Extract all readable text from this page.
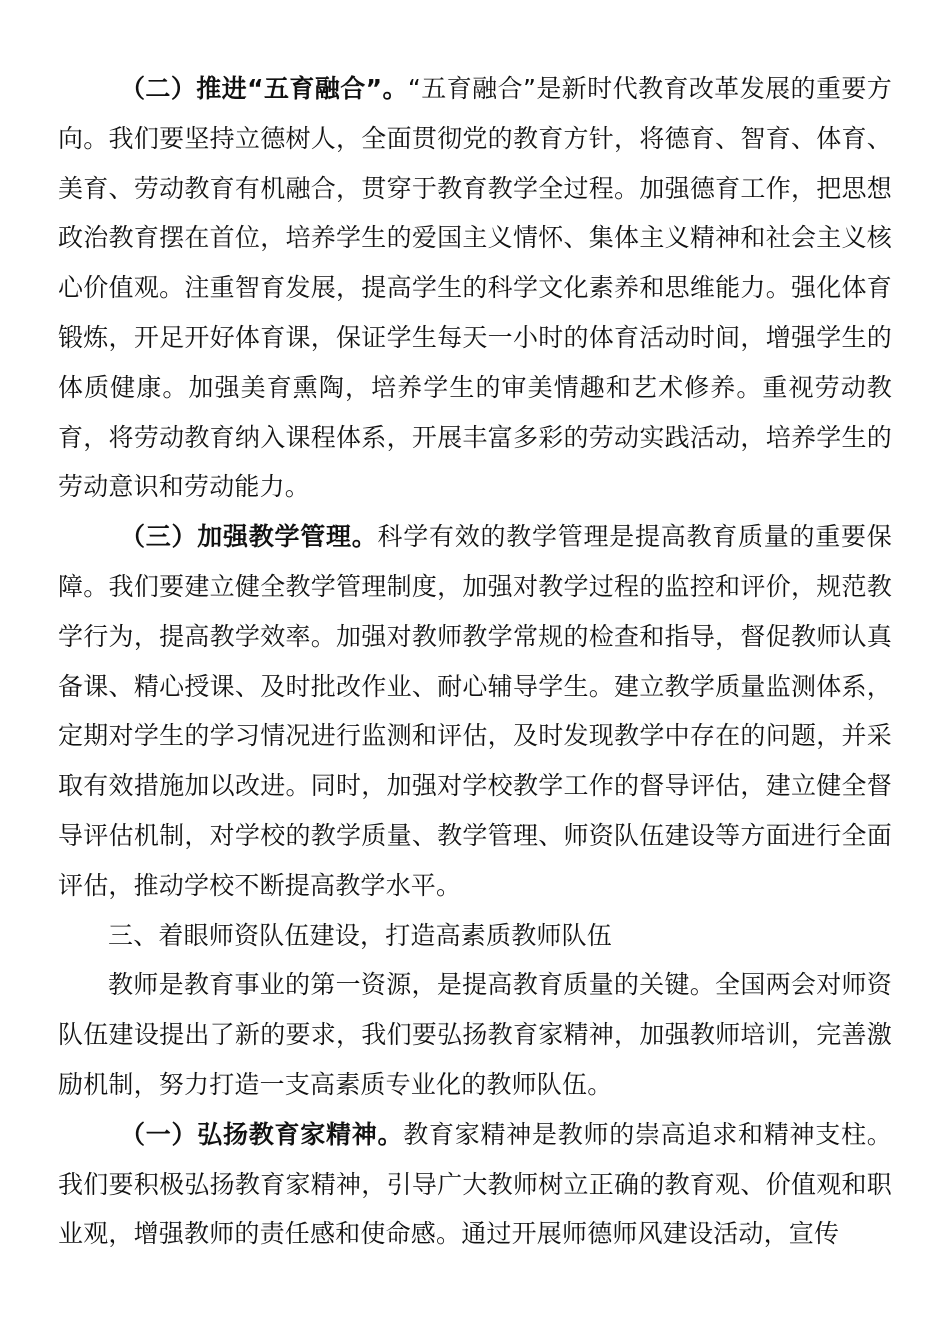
（二）推进“五育融合”。“五育融合”是新时代教育改革发展的重要方向。我们要坚持立德树人，全面贯彻党的教育方针，将德育、智育、体育、美育、劳动教育有机融合，贯穿于教育教学全过程。加强德育工作，把思想政治教育摆在首位，培养学生的爱国主义情怀、集体主义精神和社会主义核心价值观。注重智育发展，提高学生的科学文化素养和思维能力。强化体育锻炼，开足开好体育课，保证学生每天一小时的体育活动时间，增强学生的体质健康。加强美育熏陶，培养学生的审美情趣和艺术修养。重视劳动教育，将劳动教育纳入课程体系，开展丰富多彩的劳动实践活动，培养学生的劳动意识和劳动能力。

（三）加强教学管理。科学有效的教学管理是提高教育质量的重要保障。我们要建立健全教学管理制度，加强对教学过程的监控和评价，规范教学行为，提高教学效率。加强对教师教学常规的检查和指导，督促教师认真备课、精心授课、及时批改作业、耐心辅导学生。建立教学质量监测体系，定期对学生的学习情况进行监测和评估，及时发现教学中存在的问题，并采取有效措施加以改进。同时，加强对学校教学工作的督导评估，建立健全督导评估机制，对学校的教学质量、教学管理、师资队伍建设等方面进行全面评估，推动学校不断提高教学水平。

三、着眼师资队伍建设，打造高素质教师队伍

教师是教育事业的第一资源，是提高教育质量的关键。全国两会对师资队伍建设提出了新的要求，我们要弘扬教育家精神，加强教师培训，完善激励机制，努力打造一支高素质专业化的教师队伍。

（一）弘扬教育家精神。教育家精神是教师的崇高追求和精神支柱。我们要积极弘扬教育家精神，引导广大教师树立正确的教育观、价值观和职业观，增强教师的责任感和使命感。通过开展师德师风建设活动，宣传
